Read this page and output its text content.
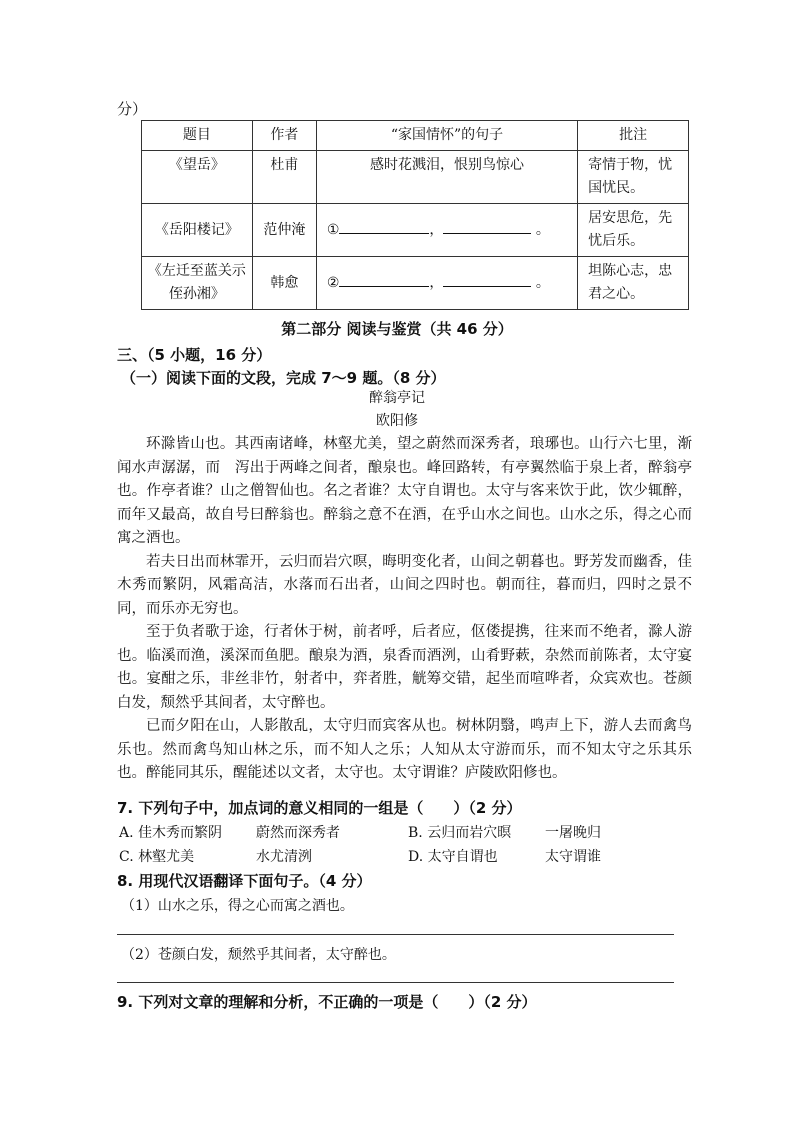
分）
题目	作者	“家国情怀”的句子	批注
《望岳》	杜甫	感时花溅泪，恨别鸟惊心	寄情于物，忧国忧民。
《岳阳楼记》	范仲淹	① ， 。	居安思危，先忧后乐。
《左迁至蓝关示侄孙湘》	韩愈	② ， 。	坦陈心志，忠君之心。
第二部分 阅读与鉴赏（共 46 分）
三、（5 小题，16 分）
（一）阅读下面的文段，完成 7～9 题。（8 分）
醉翁亭记
欧阳修

环滁皆山也。其西南诸峰，林壑尤美，望之蔚然而深秀者，琅琊也。山行六七里，渐闻水声潺潺，而　泻出于两峰之间者，酿泉也。峰回路转，有亭翼然临于泉上者，醉翁亭也。作亭者谁？山之僧智仙也。名之者谁？太守自谓也。太守与客来饮于此，饮少辄醉，而年又最高，故自号曰醉翁也。醉翁之意不在酒，在乎山水之间也。山水之乐，得之心而寓之酒也。

若夫日出而林霏开，云归而岩穴暝，晦明变化者，山间之朝暮也。野芳发而幽香，佳木秀而繁阴，风霜高洁，水落而石出者，山间之四时也。朝而往，暮而归，四时之景不同，而乐亦无穷也。

至于负者歌于途，行者休于树，前者呼，后者应，伛偻提携，往来而不绝者，滁人游也。临溪而渔，溪深而鱼肥。酿泉为酒，泉香而酒洌，山肴野蔌，杂然而前陈者，太守宴也。宴酣之乐，非丝非竹，射者中，弈者胜，觥筹交错，起坐而喧哗者，众宾欢也。苍颜白发，颓然乎其间者，太守醉也。

已而夕阳在山，人影散乱，太守归而宾客从也。树林阴翳，鸣声上下，游人去而禽鸟乐也。然而禽鸟知山林之乐，而不知人之乐；人知从太守游而乐，而不知太守之乐其乐也。醉能同其乐，醒能述以文者，太守也。太守谓谁？庐陵欧阳修也。

7. 下列句子中，加点词的意义相同的一组是（　　）（2 分）
A. 佳木秀而繁阴 蔚然而深秀者	B. 云归而岩穴暝 一屠晚归
C. 林壑尤美	水尤清洌	D. 太守自谓也	太守谓谁
8. 用现代汉语翻译下面句子。（4 分）
（1）山水之乐，得之心而寓之酒也。
（2）苍颜白发，颓然乎其间者，太守醉也。
9. 下列对文章的理解和分析，不正确的一项是（　　）（2 分）
